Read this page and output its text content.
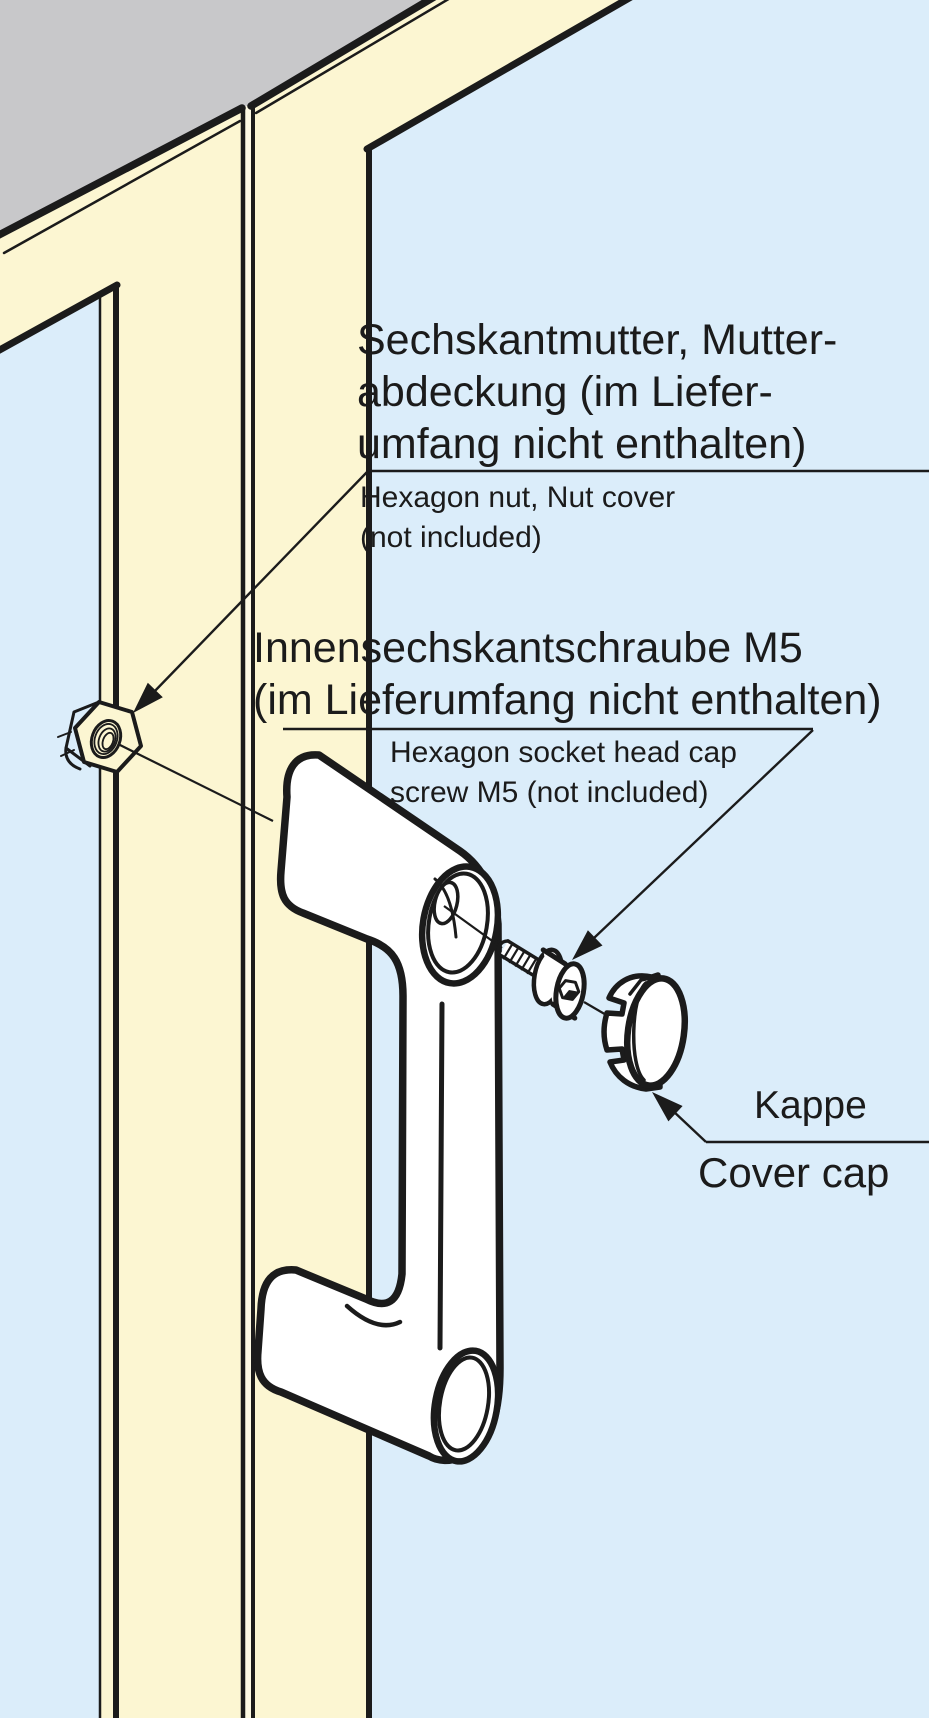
Sechskantmutter, Mutter-
abdeckung (im Liefer-
umfang nicht enthalten)
Hexagon nut, Nut cover
(not included)
Innensechskantschraube M5
(im Lieferumfang nicht enthalten)
Hexagon socket head cap
screw M5 (not included)
Kappe
Cover cap
